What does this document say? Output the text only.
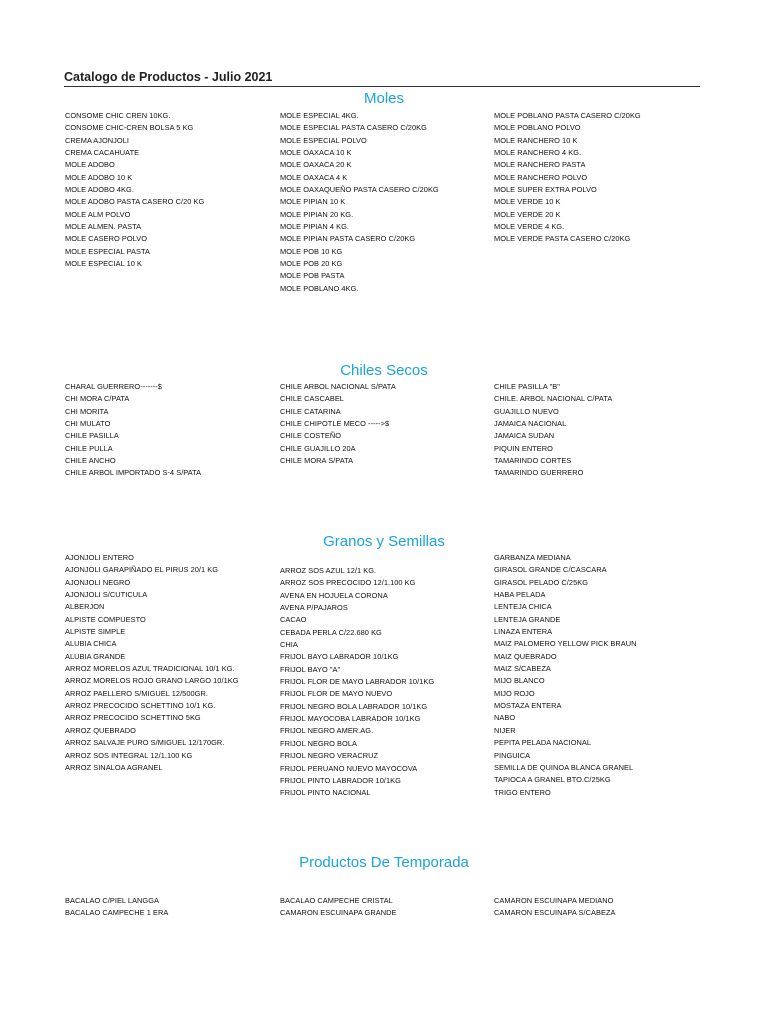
Catalogo de Productos - Julio 2021
Moles
CONSOME CHIC CREN 10KG.
CONSOME CHIC-CREN BOLSA 5 KG
CREMA AJONJOLI
CREMA CACAHUATE
MOLE ADOBO
MOLE ADOBO 10 K
MOLE ADOBO 4KG.
MOLE ADOBO PASTA CASERO C/20 KG
MOLE ALM POLVO
MOLE ALMEN. PASTA
MOLE CASERO POLVO
MOLE ESPECIAL PASTA
MOLE ESPECIAL 10 K
MOLE ESPECIAL 4KG.
MOLE ESPECIAL PASTA CASERO C/20KG
MOLE ESPECIAL POLVO
MOLE OAXACA 10 K
MOLE OAXACA 20 K
MOLE OAXACA 4 K
MOLE OAXAQUEÑO PASTA CASERO C/20KG
MOLE PIPIAN 10 K
MOLE PIPIAN 20 KG.
MOLE PIPIAN 4 KG.
MOLE PIPIAN PASTA CASERO C/20KG
MOLE POB 10 KG
MOLE POB 20 KG
MOLE POB PASTA
MOLE POBLANO 4KG.
MOLE POBLANO PASTA CASERO C/20KG
MOLE POBLANO POLVO
MOLE RANCHERO 10 K
MOLE RANCHERO 4 KG.
MOLE RANCHERO PASTA
MOLE RANCHERO POLVO
MOLE SUPER EXTRA POLVO
MOLE VERDE 10 K
MOLE VERDE 20 K
MOLE VERDE 4 KG.
MOLE VERDE PASTA CASERO C/20KG
Chiles Secos
CHARAL GUERRERO-------$
CHI MORA C/PATA
CHI MORITA
CHI MULATO
CHILE PASILLA
CHILE PULLA
CHILE ANCHO
CHILE ARBOL IMPORTADO S-4 S/PATA
CHILE ARBOL NACIONAL S/PATA
CHILE CASCABEL
CHILE CATARINA
CHILE CHIPOTLE MECO ----->$
CHILE COSTEÑO
CHILE GUAJILLO 20A
CHILE MORA S/PATA
CHILE PASILLA "B"
CHILE. ARBOL NACIONAL C/PATA
GUAJILLO NUEVO
JAMAICA NACIONAL
JAMAICA SUDAN
PIQUIN ENTERO
TAMARINDO CORTES
TAMARINDO GUERRERO
Granos y Semillas
AJONJOLI ENTERO
AJONJOLI GARAPIÑADO EL PIRUS 20/1 KG
AJONJOLI NEGRO
AJONJOLI S/CUTICULA
ALBERJON
ALPISTE COMPUESTO
ALPISTE SIMPLE
ALUBIA CHICA
ALUBIA GRANDE
ARROZ MORELOS AZUL TRADICIONAL 10/1 KG.
ARROZ MORELOS ROJO GRANO LARGO 10/1KG
ARROZ PAELLERO S/MIGUEL 12/500GR.
ARROZ PRECOCIDO SCHETTINO 10/1 KG.
ARROZ PRECOCIDO SCHETTINO 5KG
ARROZ QUEBRADO
ARROZ SALVAJE PURO S/MIGUEL 12/170GR.
ARROZ SOS INTEGRAL 12/1.100 KG
ARROZ SINALOA AGRANEL
ARROZ SOS AZUL 12/1 KG.
ARROZ SOS PRECOCIDO 12/1.100 KG
AVENA EN HOJUELA CORONA
AVENA P/PAJAROS
CACAO
CEBADA PERLA C/22.680 KG
CHIA
FRIJOL BAYO LABRADOR 10/1KG
FRIJOL BAYO "A"
FRIJOL FLOR DE MAYO LABRADOR 10/1KG
FRIJOL FLOR DE MAYO NUEVO
FRIJOL NEGRO BOLA LABRADOR 10/1KG
FRIJOL MAYOCOBA LABRADOR 10/1KG
FRIJOL NEGRO AMER.AG.
FRIJOL NEGRO BOLA
FRIJOL NEGRO VERACRUZ
FRIJOL PERUANO NUEVO MAYOCOVA
FRIJOL PINTO LABRADOR 10/1KG
FRIJOL PINTO NACIONAL
GARBANZA MEDIANA
GIRASOL GRANDE C/CASCARA
GIRASOL PELADO C/25KG
HABA PELADA
LENTEJA CHICA
LENTEJA GRANDE
LINAZA ENTERA
MAIZ PALOMERO YELLOW PICK BRAUN
MAIZ QUEBRADO
MAIZ S/CABEZA
MIJO BLANCO
MIJO ROJO
MOSTAZA ENTERA
NABO
NIJER
PEPITA PELADA NACIONAL
PINGUICA
SEMILLA DE QUINOA BLANCA GRANEL
TAPIOCA A GRANEL BTO.C/25KG
TRIGO ENTERO
Productos De Temporada
BACALAO C/PIEL LANGGA
BACALAO CAMPECHE 1 ERA
BACALAO CAMPECHE CRISTAL
CAMARON ESCUINAPA GRANDE
CAMARON ESCUINAPA MEDIANO
CAMARON ESCUINAPA S/CABEZA
